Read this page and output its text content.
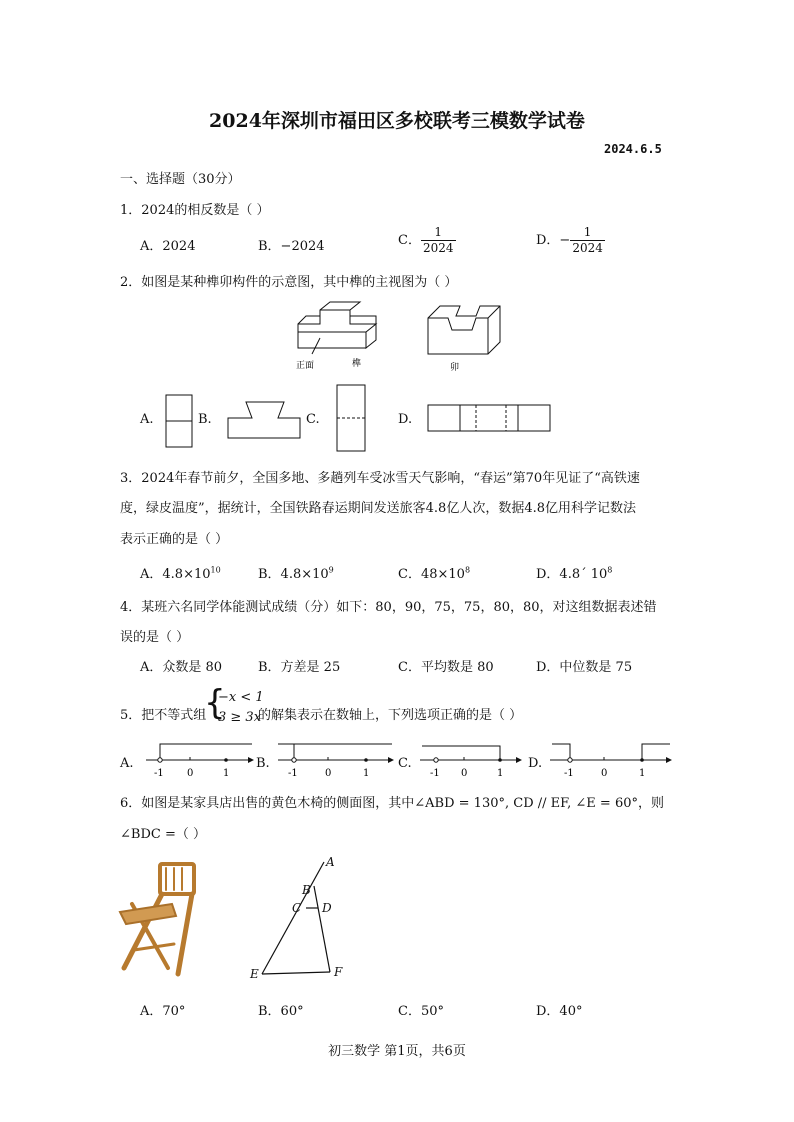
2024年深圳市福田区多校联考三模数学试卷
2024.6.5
一、选择题（30分）
1．2024的相反数是（ ）
A．2024	B．−2024	C． $\frac{1}{2024}$	D．− $\frac{1}{2024}$
2．如图是某种榫卯构件的示意图，其中榫的主视图为（ ）
正面	榫	卯
A.	B.	C.	D.
3．2024年春节前夕，全国多地、多趟列车受冰雪天气影响，“春运”第70年见证了“高铁速
度，绿皮温度”，据统计，全国铁路春运期间发送旅客4.8亿人次，数据4.8亿用科学记数法
表示正确的是（ ）
A．$4.8\times 10^{10}$	B．$4.8\times 10^9$	C．$48\times 10^8$	D．4.8´ $10^8$
4．某班六名同学体能测试成绩（分）如下：80，90，75，75，80，80，对这组数据表述错
误的是（ ）
A．众数是 80	B．方差是 25	C．平均数是 80	D．中位数是 75
5．把不等式组
{
−x < 1
3 ≥ 3x
的解集表示在数轴上，下列选项正确的是（ ）
A.
-1 0	1
B.
-1	0	1
C.
-1 0	1
D.
-1	0	1
6．如图是某家具店出售的黄色木椅的侧面图，其中∠ABD = 130°, CD // EF, ∠E = 60°，则
∠BDC =（ ）
A
B
C D
E	F
A．70°	B．60°	C．50°	D．40°
初三数学 第1页，共6页
